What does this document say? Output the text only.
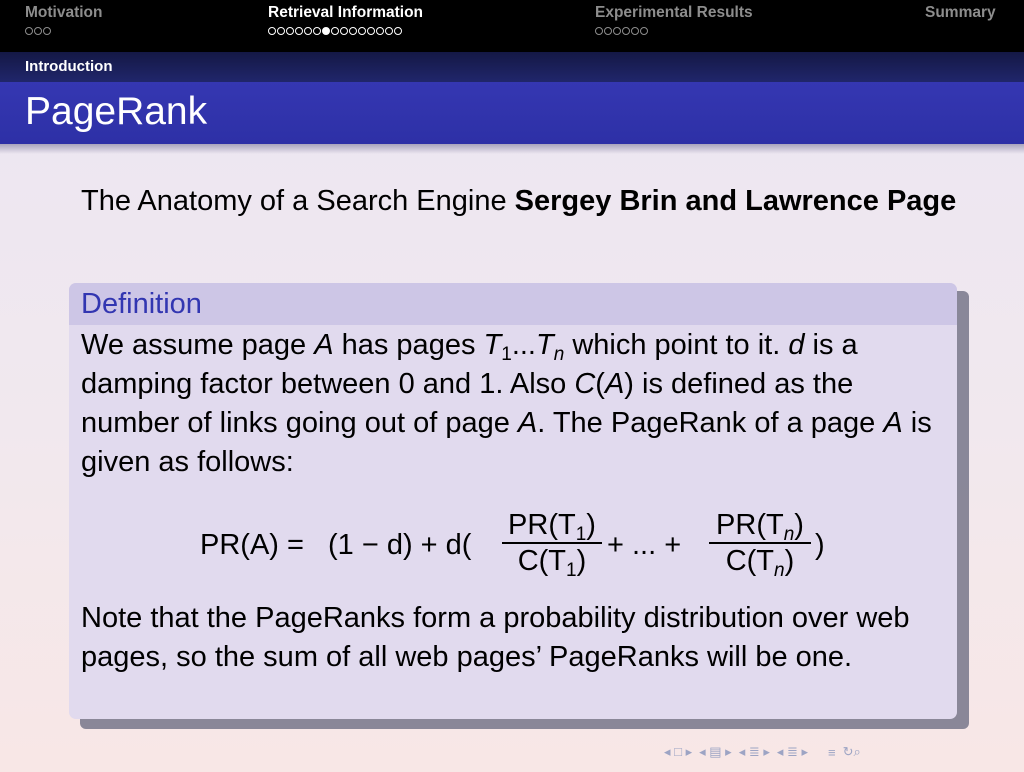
Motivation	Retrieval Information	Experimental Results	Summary
Introduction
PageRank
The Anatomy of a Search Engine Sergey Brin and Lawrence Page
Definition
We assume page A has pages $T_1...T_n$ which point to it. d is a damping factor between 0 and 1. Also C(A) is defined as the number of links going out of page A. The PageRank of a page A is given as follows:
PR(A) = (1 − d) + d(
$PR(T_1)$
$C(T_1)$ + ... +
$PR(T_n)$
$C(T_n)$ )
Note that the PageRanks form a probability distribution over web pages, so the sum of all web pages’ PageRanks will be one.
◂ □ ▸ ◂ ▤ ▸ ◂ ≣ ▸ ◂ ≣ ▸ ≡ ↻⌕
